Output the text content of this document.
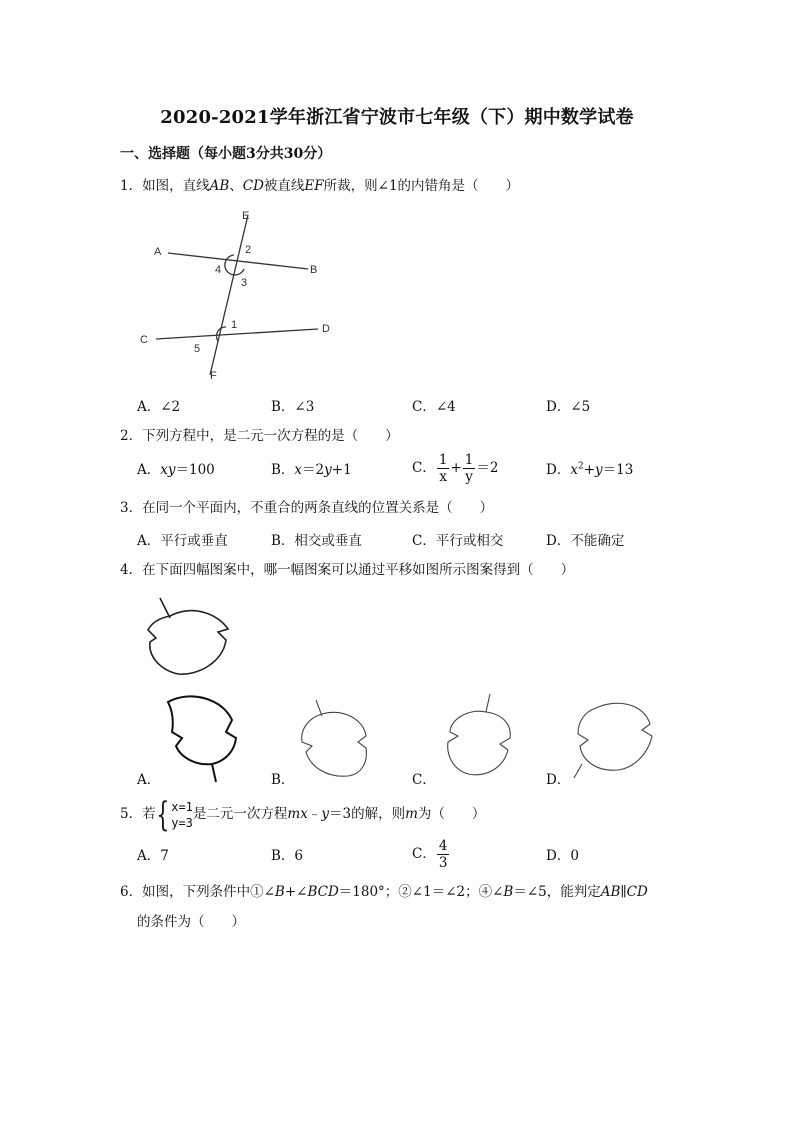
2020-2021学年浙江省宁波市七年级（下）期中数学试卷
一、选择题（每小题3分共30分）
1．如图，直线AB、CD被直线EF所裁，则∠1的内错角是（　　）
A
B
C
D
E
F
1
2
3
4
5
A．∠2	B．∠3	C．∠4	D．∠5
2．下列方程中，是二元一次方程的是（　　）
A．xy＝100	B．x＝2y+1	C． $\frac{1}{x} + \frac{1}{y} =2$	D．$x^2+y=13$
3．在同一个平面内，不重合的两条直线的位置关系是（　　）
A．平行或垂直	B．相交或垂直	C．平行或相交	D．不能确定
4．在下面四幅图案中，哪一幅图案可以通过平移如图所示图案得到（　　）
A．	B．	C．	D．
5．若{ x=1
y=3
是二元一次方程mx﹣y＝3的解，则m为（　　）
A．7	B．6	C． $\frac{4}{3}$	D．0
6．如图，下列条件中①∠B+∠BCD＝180°；②∠1＝∠2；④∠B＝∠5，能判定AB∥CD
的条件为（　　）
